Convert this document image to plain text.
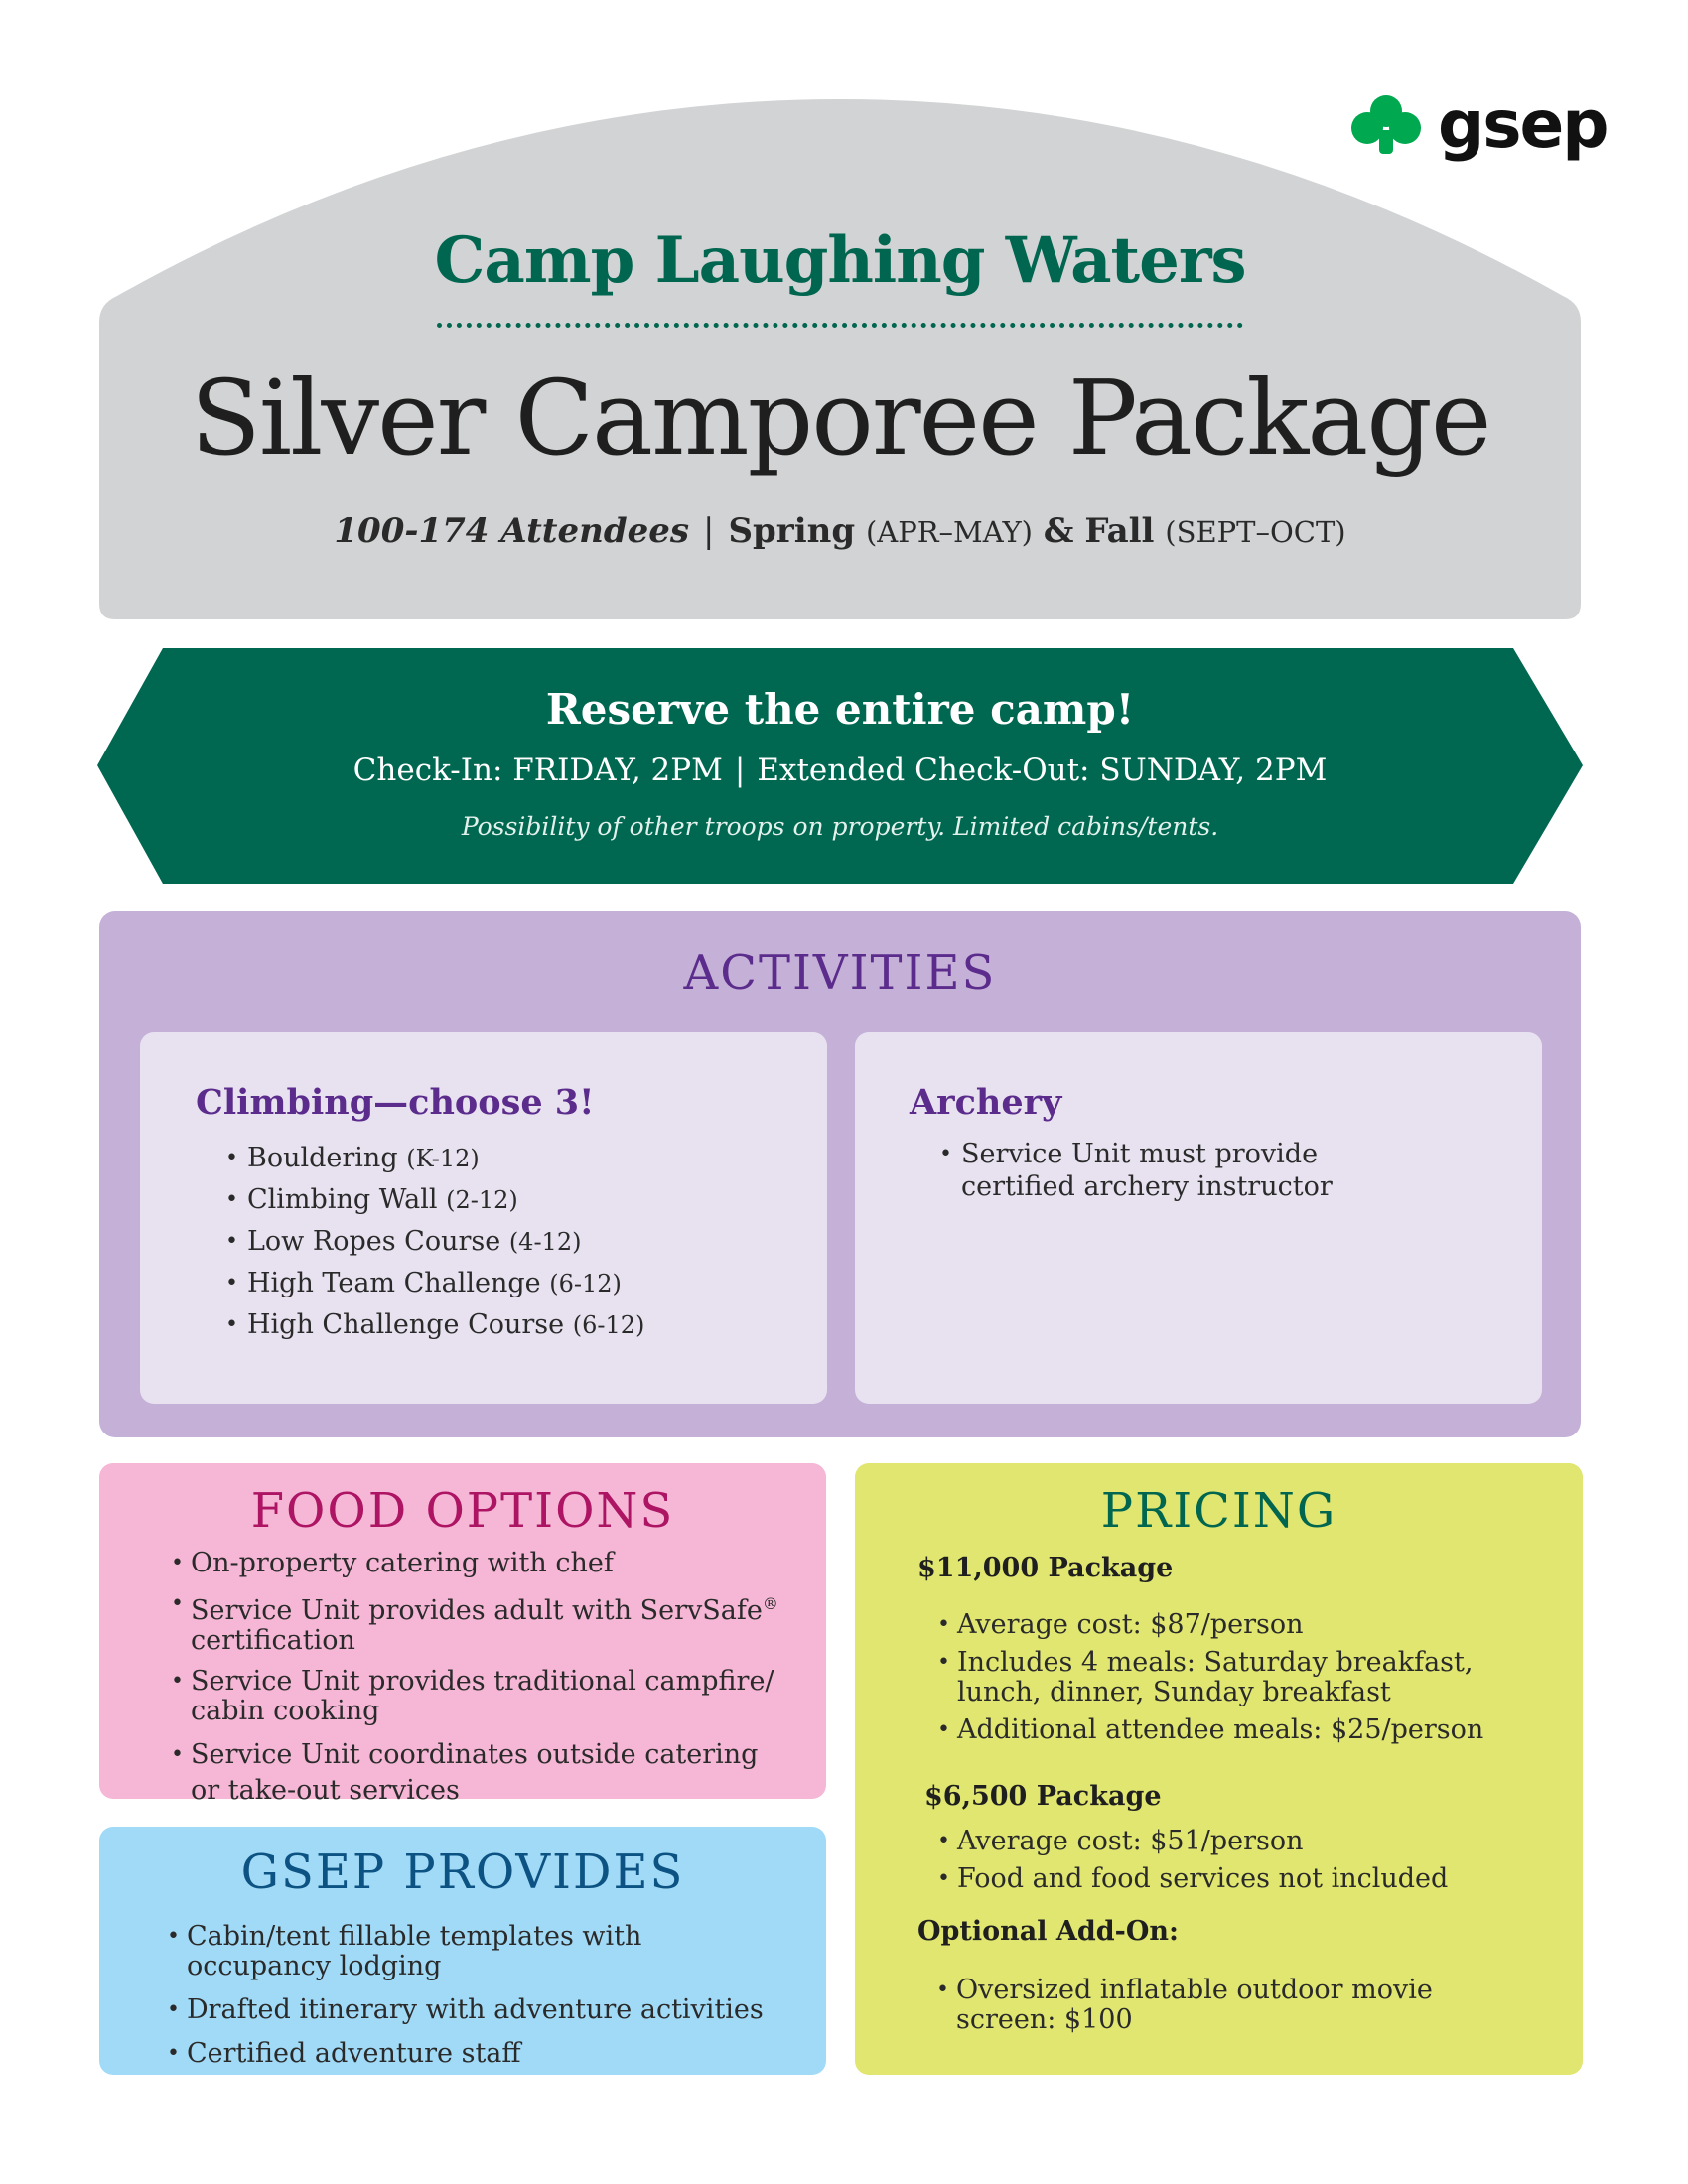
gsep
Camp Laughing Waters
Silver Camporee Package
100-174 Attendees | Spring (APR–MAY) & Fall (SEPT–OCT)
Reserve the entire camp!
Check-In: FRIDAY, 2PM | Extended Check-Out: SUNDAY, 2PM
Possibility of other troops on property. Limited cabins/tents.
ACTIVITIES
Climbing—choose 3!
• Bouldering (K-12)
• Climbing Wall (2-12)
• Low Ropes Course (4-12)
• High Team Challenge (6-12)
• High Challenge Course (6-12)
Archery
• Service Unit must provide
certified archery instructor
FOOD OPTIONS
• On-property catering with chef
• Service Unit provides adult with ServSafe®
certification
• Service Unit provides traditional campfire/
cabin cooking
• Service Unit coordinates outside catering
or take-out services
GSEP PROVIDES
• Cabin/tent fillable templates with
occupancy lodging
• Drafted itinerary with adventure activities
• Certified adventure staff
PRICING
$11,000 Package
• Average cost: $87/person
• Includes 4 meals: Saturday breakfast,
lunch, dinner, Sunday breakfast
• Additional attendee meals: $25/person
$6,500 Package
• Average cost: $51/person
• Food and food services not included
Optional Add-On:
• Oversized inflatable outdoor movie
screen: $100
